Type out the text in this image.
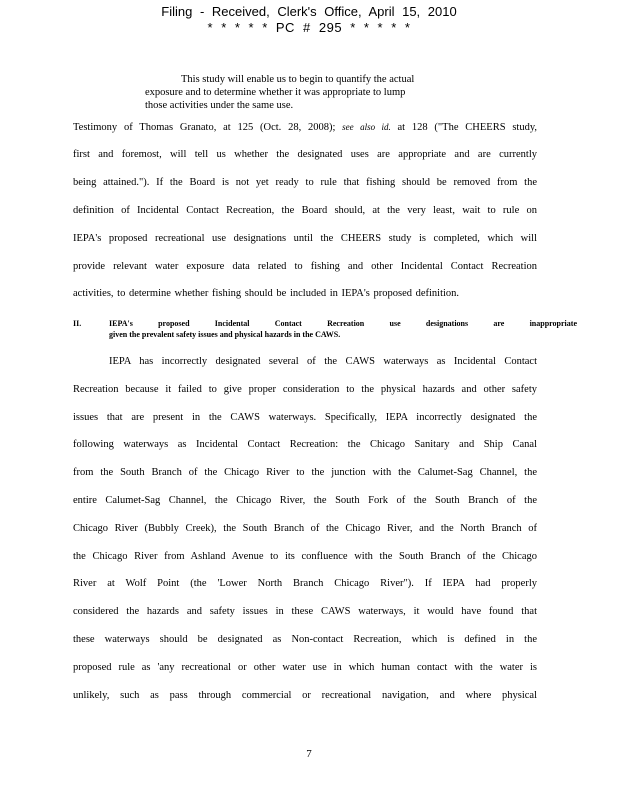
Filing - Received, Clerk's Office, April 15, 2010
* * * * * PC # 295 * * * * *
This study will enable us to begin to quantify the actual
exposure and to determine whether it was appropriate to lump
those activities under the same use.
Testimony of Thomas Granato, at 125 (Oct. 28, 2008); see also id. at 128 ("The CHEERS study,
first and foremost, will tell us whether the designated uses are appropriate and are currently
being attained."). If the Board is not yet ready to rule that fishing should be removed from the
definition of Incidental Contact Recreation, the Board should, at the very least, wait to rule on
IEPA's proposed recreational use designations until the CHEERS study is completed, which will
provide relevant water exposure data related to fishing and other Incidental Contact Recreation
activities, to determine whether fishing should be included in IEPA's proposed definition.
II.	IEPA's proposed Incidental Contact Recreation use designations are inappropriate
given the prevalent safety issues and physical hazards in the CAWS.
IEPA has incorrectly designated several of the CAWS waterways as Incidental Contact
Recreation because it failed to give proper consideration to the physical hazards and other safety
issues that are present in the CAWS waterways. Specifically, IEPA incorrectly designated the
following waterways as Incidental Contact Recreation: the Chicago Sanitary and Ship Canal
from the South Branch of the Chicago River to the junction with the Calumet-Sag Channel, the
entire Calumet-Sag Channel, the Chicago River, the South Fork of the South Branch of the
Chicago River (Bubbly Creek), the South Branch of the Chicago River, and the North Branch of
the Chicago River from Ashland Avenue to its confluence with the South Branch of the Chicago
River at Wolf Point (the 'Lower North Branch Chicago River"). If IEPA had properly
considered the hazards and safety issues in these CAWS waterways, it would have found that
these waterways should be designated as Non-contact Recreation, which is defined in the
proposed rule as 'any recreational or other water use in which human contact with the water is
unlikely, such as pass through commercial or recreational navigation, and where physical
7
